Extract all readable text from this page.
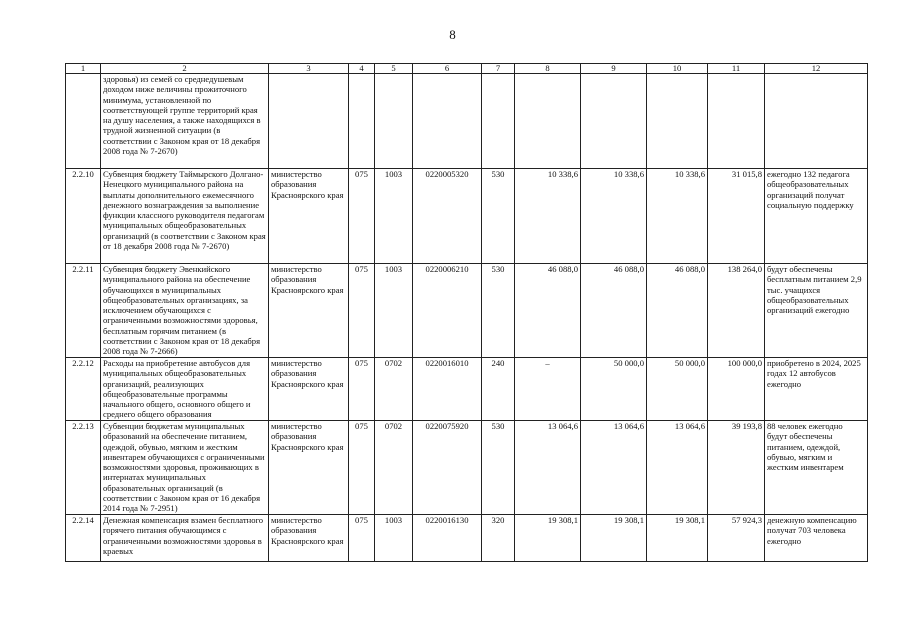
8
1	2	3	4	5	6	7	8	9	10	11	12
	здоровья) из семей со среднедушевым доходом ниже величины прожиточного минимума, установленной по соответствующей группе территорий края на душу населения, а также находящихся в трудной жизненной ситуации (в соответствии с Законом края от 18 декабря 2008 года № 7-2670)										
2.2.10	Субвенция бюджету Таймырского Долгано-Ненецкого муниципального района на выплаты дополнительного ежемесячного денежного вознаграждения за выполнение функции классного руководителя педагогам муниципальных общеобразовательных организаций (в соответствии с Законом края от 18 декабря 2008 года № 7-2670)	министерство образования Красноярского края	075	1003	0220005320	530	10 338,6	10 338,6	10 338,6	31 015,8	ежегодно 132 педагога общеобразовательных организаций получат социальную поддержку
2.2.11	Субвенция бюджету Эвенкийского муниципального района на обеспечение обучающихся в муниципальных общеобразовательных организациях, за исключением обучающихся с ограниченными возможностями здоровья, бесплатным горячим питанием (в соответствии с Законом края от 18 декабря 2008 года № 7-2666)	министерство образования Красноярского края	075	1003	0220006210	530	46 088,0	46 088,0	46 088,0	138 264,0	будут обеспечены бесплатным питанием 2,9 тыс. учащихся общеобразовательных организаций ежегодно
2.2.12	Расходы на приобретение автобусов для муниципальных общеобразовательных организаций, реализующих общеобразовательные программы начального общего, основного общего и среднего общего образования	министерство образования Красноярского края	075	0702	0220016010	240	–	50 000,0	50 000,0	100 000,0	приобретено в 2024, 2025 годах 12 автобусов ежегодно
2.2.13	Субвенции бюджетам муниципальных образований на обеспечение питанием, одеждой, обувью, мягким и жестким инвентарем обучающихся с ограниченными возможностями здоровья, проживающих в интернатах муниципальных образовательных организаций (в соответствии с Законом края от 16 декабря 2014 года № 7-2951)	министерство образования Красноярского края	075	0702	0220075920	530	13 064,6	13 064,6	13 064,6	39 193,8	88 человек ежегодно будут обеспечены питанием, одеждой, обувью, мягким и жестким инвентарем
2.2.14	Денежная компенсация взамен бесплатного горячего питания обучающимся с ограниченными возможностями здоровья в краевых	министерство образования Красноярского края	075	1003	0220016130	320	19 308,1	19 308,1	19 308,1	57 924,3	денежную компенсацию получат 703 человека ежегодно
